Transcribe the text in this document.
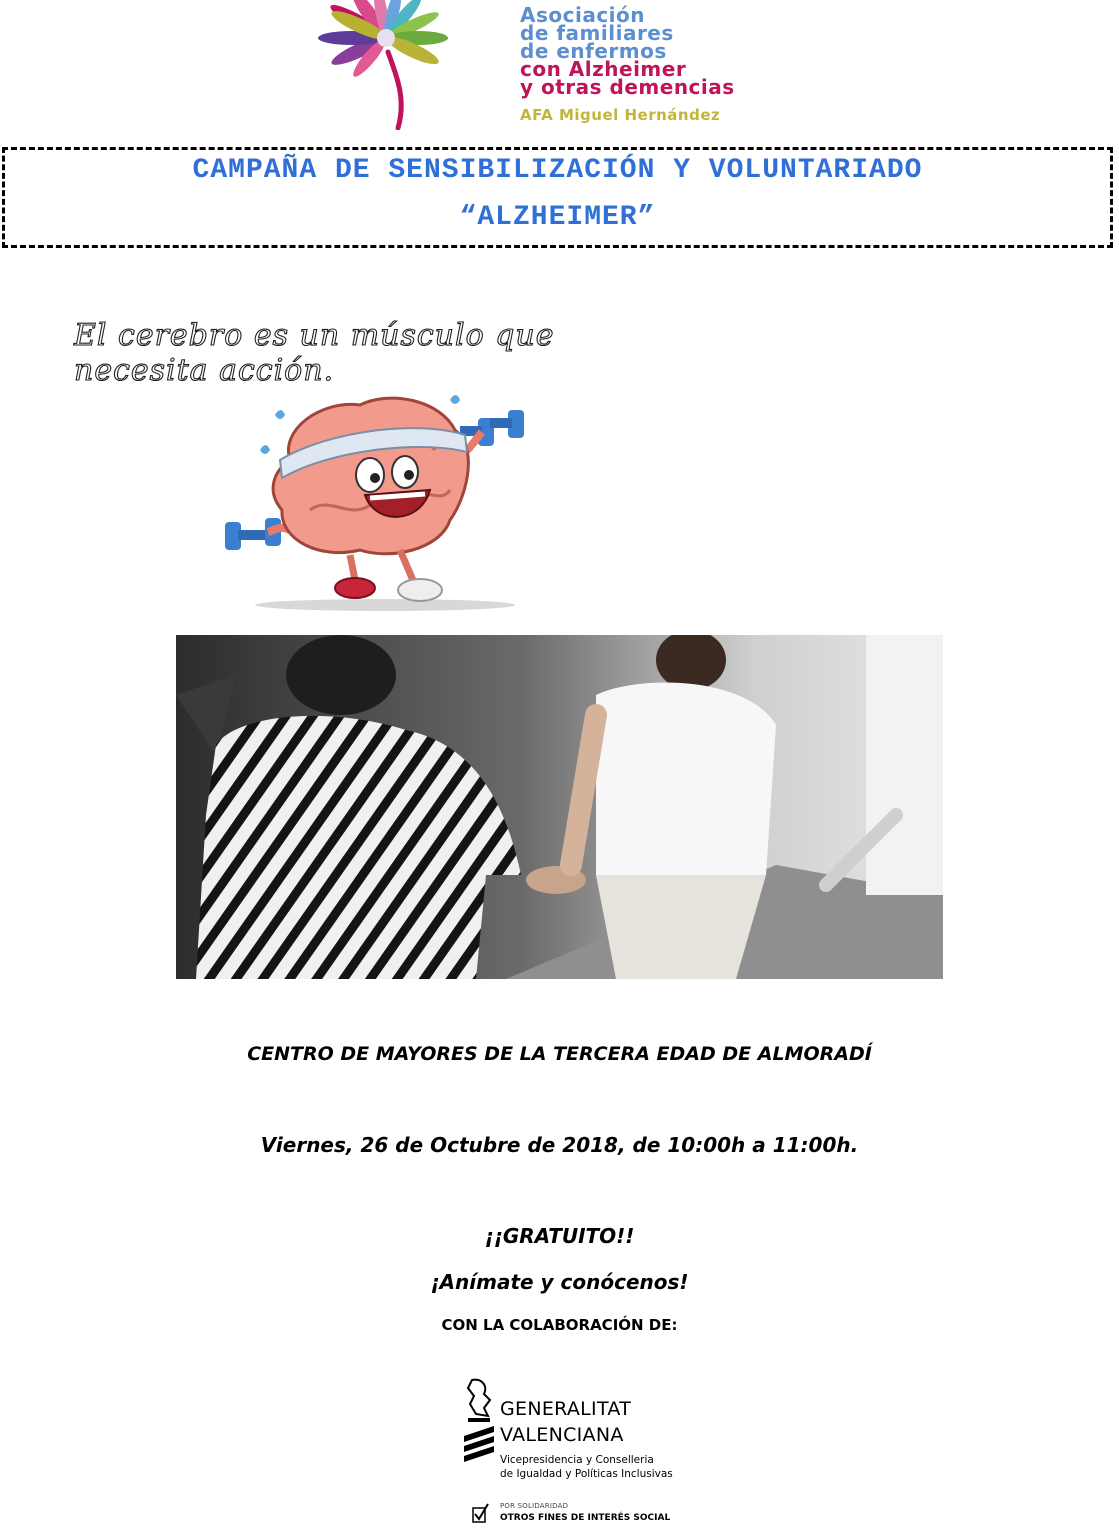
Asociación
de familiares
de enfermos
con Alzheimer
y otras demencias
AFA Miguel Hernández
CAMPAÑA DE SENSIBILIZACIÓN Y VOLUNTARIADO
“ALZHEIMER”
El cerebro es un músculo que necesita acción.
CENTRO DE MAYORES DE LA TERCERA EDAD DE ALMORADÍ
Viernes, 26 de Octubre de 2018, de 10:00h a 11:00h.
¡¡GRATUITO!!
¡Anímate y conócenos!
CON LA COLABORACIÓN DE:
GENERALITAT
VALENCIANA
Vicepresidencia y Conselleria
de Igualdad y Políticas Inclusivas
POR SOLIDARIDAD
OTROS FINES DE INTERÉS SOCIAL
